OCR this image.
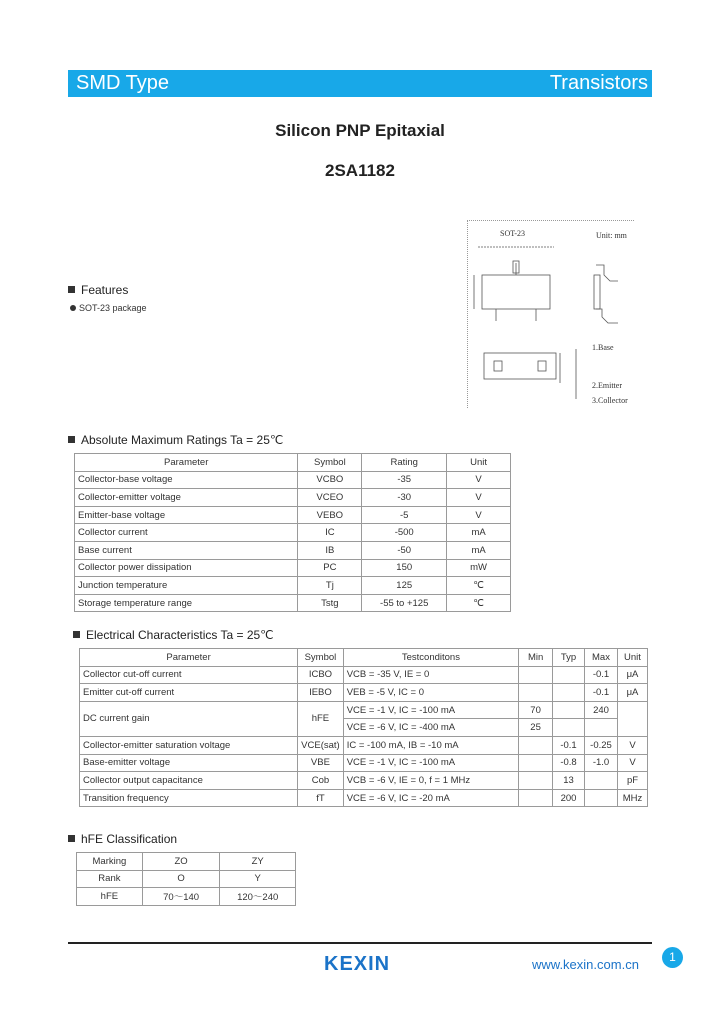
SMD Type	Transistors
Silicon PNP Epitaxial
2SA1182
SOT-23	Unit: mm
1.Base
2.Emitter
3.Collector
Features
SOT-23 package
Absolute Maximum Ratings Ta = 25℃
Parameter	Symbol	Rating	Unit
Collector-base voltage	VCBO	-35	V
Collector-emitter voltage	VCEO	-30	V
Emitter-base voltage	VEBO	-5	V
Collector current	IC	-500	mA
Base current	IB	-50	mA
Collector power dissipation	PC	150	mW
Junction temperature	Tj	125	℃
Storage temperature range	Tstg	-55 to +125	℃
Electrical Characteristics Ta = 25℃
Parameter	Symbol	Testconditons	Min	Typ	Max	Unit
Collector cut-off current	ICBO	VCB = -35 V, IE = 0			-0.1	μA
Emitter cut-off current	IEBO	VEB = -5 V, IC = 0			-0.1	μA
DC current gain	hFE	VCE = -1 V, IC = -100 mA	70		240	
		VCE = -6 V, IC = -400 mA	25			
Collector-emitter saturation voltage	VCE(sat)	IC = -100 mA, IB = -10 mA		-0.1	-0.25	V
Base-emitter voltage	VBE	VCE = -1 V, IC = -100 mA		-0.8	-1.0	V
Collector output capacitance	Cob	VCB = -6 V, IE = 0, f = 1 MHz		13		pF
Transition frequency	fT	VCE = -6 V, IC = -20 mA		200		MHz
hFE Classification
Marking	ZO	ZY
Rank	O	Y
hFE	70～140	120～240
KEXIN	www.kexin.com.cn	1
